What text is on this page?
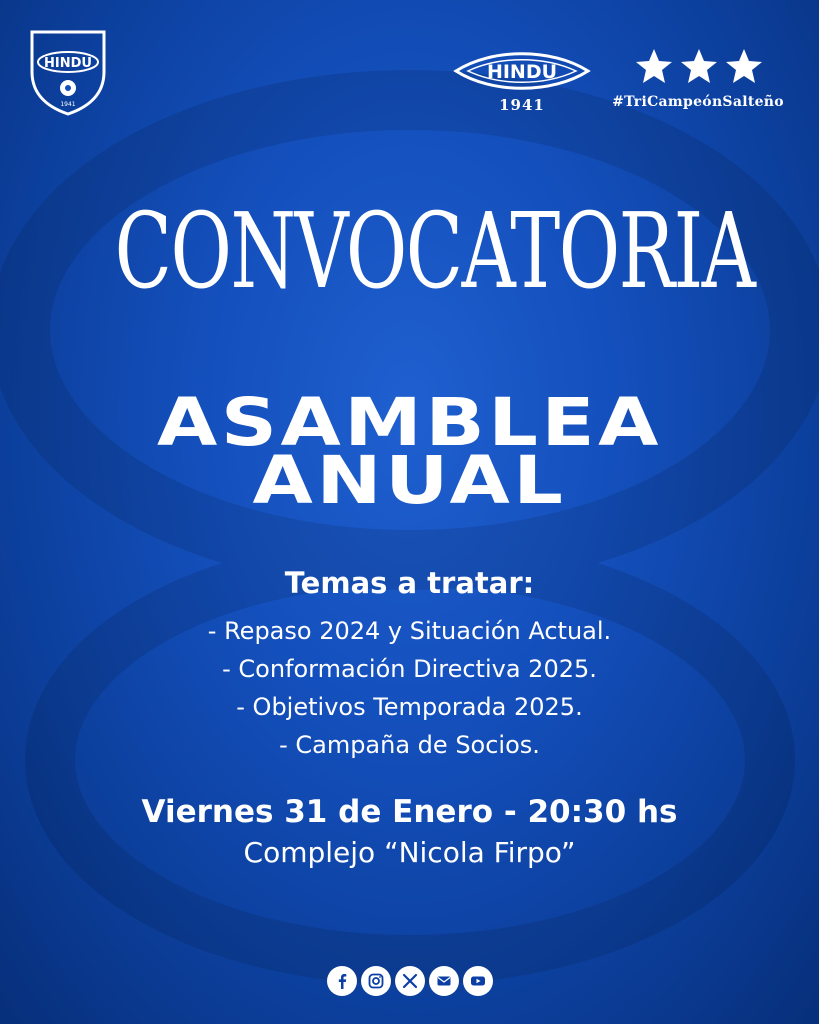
HINDU
1941
HINDU
1941	#TriCampeónSalteño
CONVOCATORIA
ASAMBLEA
ANUAL
Temas a tratar:
- Repaso 2024 y Situación Actual.
- Conformación Directiva 2025.
- Objetivos Temporada 2025.
- Campaña de Socios.
Viernes 31 de Enero - 20:30 hs
Complejo “Nicola Firpo”
